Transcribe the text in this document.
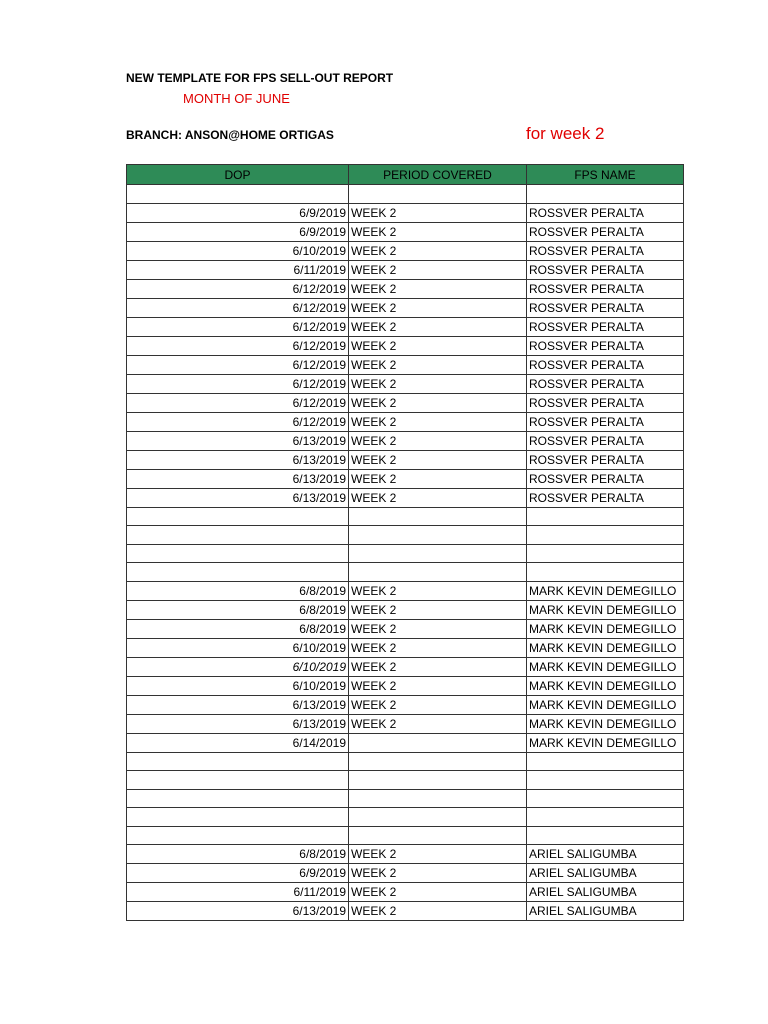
NEW TEMPLATE FOR FPS SELL-OUT REPORT
MONTH OF JUNE
BRANCH: ANSON@HOME ORTIGAS	for week 2
DOP	PERIOD COVERED	FPS NAME

6/9/2019	WEEK 2	ROSSVER PERALTA
6/9/2019	WEEK 2	ROSSVER PERALTA
6/10/2019	WEEK 2	ROSSVER PERALTA
6/11/2019	WEEK 2	ROSSVER PERALTA
6/12/2019	WEEK 2	ROSSVER PERALTA
6/12/2019	WEEK 2	ROSSVER PERALTA
6/12/2019	WEEK 2	ROSSVER PERALTA
6/12/2019	WEEK 2	ROSSVER PERALTA
6/12/2019	WEEK 2	ROSSVER PERALTA
6/12/2019	WEEK 2	ROSSVER PERALTA
6/12/2019	WEEK 2	ROSSVER PERALTA
6/12/2019	WEEK 2	ROSSVER PERALTA
6/13/2019	WEEK 2	ROSSVER PERALTA
6/13/2019	WEEK 2	ROSSVER PERALTA
6/13/2019	WEEK 2	ROSSVER PERALTA
6/13/2019	WEEK 2	ROSSVER PERALTA

6/8/2019	WEEK 2	MARK KEVIN DEMEGILLO
6/8/2019	WEEK 2	MARK KEVIN DEMEGILLO
6/8/2019	WEEK 2	MARK KEVIN DEMEGILLO
6/10/2019	WEEK 2	MARK KEVIN DEMEGILLO
6/10/2019	WEEK 2	MARK KEVIN DEMEGILLO
6/10/2019	WEEK 2	MARK KEVIN DEMEGILLO
6/13/2019	WEEK 2	MARK KEVIN DEMEGILLO
6/13/2019	WEEK 2	MARK KEVIN DEMEGILLO
6/14/2019		MARK KEVIN DEMEGILLO

6/8/2019	WEEK 2	ARIEL SALIGUMBA
6/9/2019	WEEK 2	ARIEL SALIGUMBA
6/11/2019	WEEK 2	ARIEL SALIGUMBA
6/13/2019	WEEK 2	ARIEL SALIGUMBA
